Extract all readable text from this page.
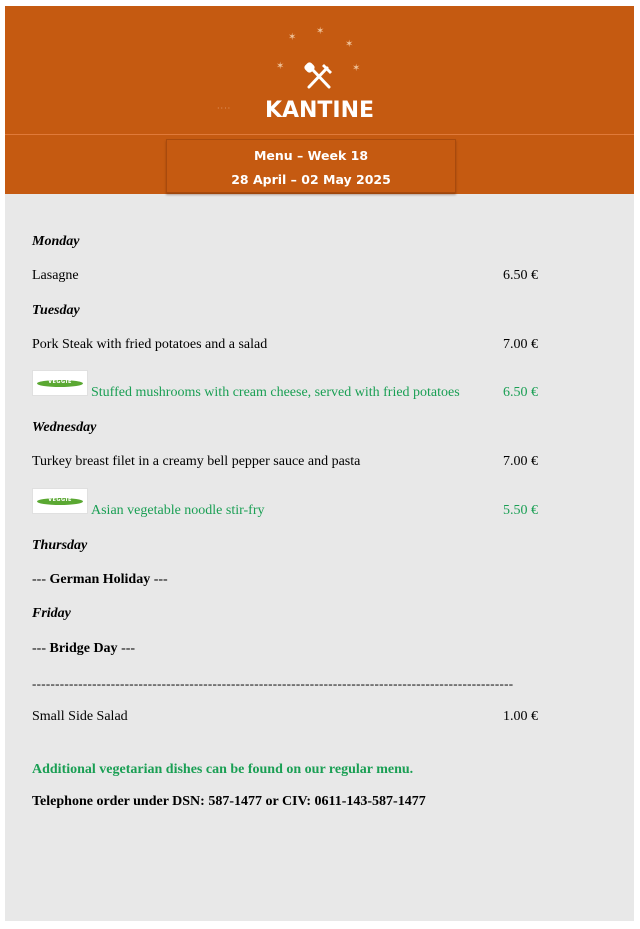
✶
✶
✶
✶	✶
····	KANTINE
Menu – Week 18
28 April – 02 May 2025
Monday
Lasagne	6.50 €
Tuesday
Pork Steak with fried potatoes and a salad	7.00 €
VEGGIE
Stuffed mushrooms with cream cheese, served with fried potatoes	6.50 €
Wednesday
Turkey breast filet in a creamy bell pepper sauce and pasta	7.00 €
VEGGIE
Asian vegetable noodle stir-fry	5.50 €
Thursday
--- German Holiday ---
Friday
--- Bridge Day ---
--------------------------------------------------------------------------------------------------------
Small Side Salad	1.00 €
Additional vegetarian dishes can be found on our regular menu.
Telephone order under DSN: 587-1477 or CIV: 0611-143-587-1477
